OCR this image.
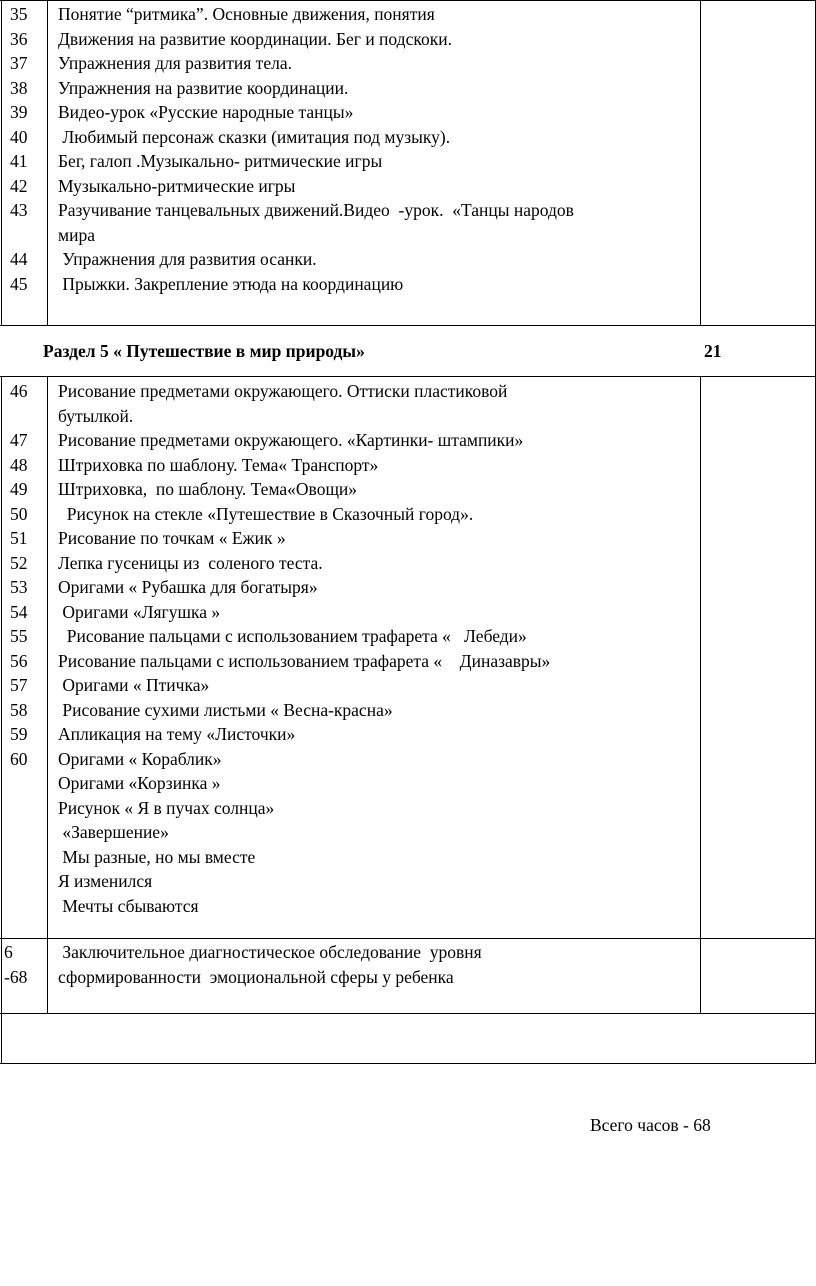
35
36
37
38
39
40
41
42
43
44
45
Понятие “ритмика”. Основные движения, понятия
Движения на развитие координации. Бег и подскоки.
Упражнения для развития тела.
Упражнения на развитие координации.
Видео-урок «Русские народные танцы»
Любимый персонаж сказки (имитация под музыку).
Бег, галоп .Музыкально- ритмические игры
Музыкально-ритмические игры
Разучивание танцевальных движений.Видео  -урок.  «Танцы народов
мира
Упражнения для развития осанки.
Прыжки. Закрепление этюда на координацию
Раздел 5 « Путешествие в мир природы»	21
46
47
48
49
50
51
52
53
54
55
56
57
58
59
60
Рисование предметами окружающего. Оттиски пластиковой
бутылкой.
Рисование предметами окружающего. «Картинки- штампики»
Штриховка по шаблону. Тема« Транспорт»
Штриховка,  по шаблону. Тема«Овощи»
Рисунок на стекле «Путешествие в Сказочный город».
Рисование по точкам « Ежик »
Лепка гусеницы из  соленого теста.
Оригами « Рубашка для богатыря»
Оригами «Лягушка »
Рисование пальцами с использованием трафарета «   Лебеди»
Рисование пальцами с использованием трафарета «    Диназавры»
Оригами « Птичка»
Рисование сухими листьми « Весна-красна»
Апликация на тему «Листочки»
Оригами « Кораблик»
Оригами «Корзинка »
Рисунок « Я в пучах солнца»
«Завершение»
Мы разные, но мы вместе
Я изменился
Мечты сбываются
6
-68
Заключительное диагностическое обследование  уровня
сформированности  эмоциональной сферы у ребенка
Всего часов - 68
